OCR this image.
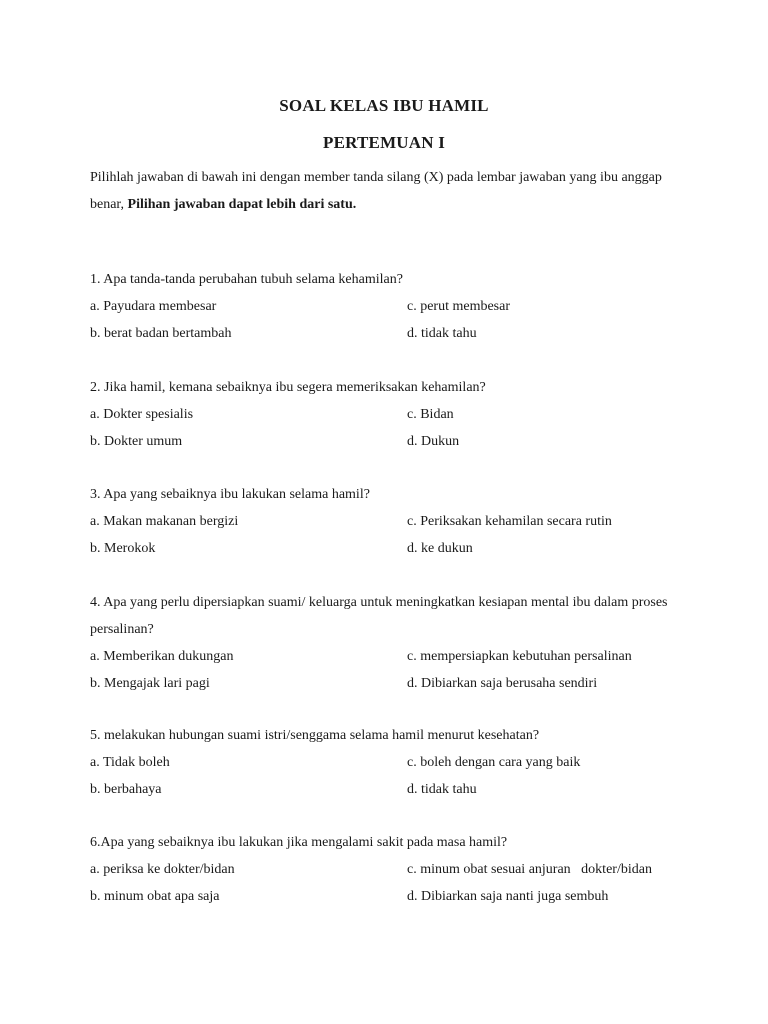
SOAL KELAS IBU HAMIL
PERTEMUAN I
Pilihlah jawaban di bawah ini dengan member tanda silang (X) pada lembar jawaban yang ibu anggap benar, Pilihan jawaban dapat lebih dari satu.
1. Apa tanda-tanda perubahan tubuh selama kehamilan?
a. Payudara membesar	c. perut membesar
b. berat badan bertambah	d. tidak tahu
2. Jika hamil, kemana sebaiknya ibu segera memeriksakan kehamilan?
a. Dokter spesialis	c. Bidan
b. Dokter umum	d. Dukun
3. Apa yang sebaiknya ibu lakukan selama hamil?
a. Makan makanan bergizi	c. Periksakan kehamilan secara rutin
b. Merokok	d. ke dukun
4. Apa yang perlu dipersiapkan suami/ keluarga untuk meningkatkan kesiapan mental ibu dalam proses persalinan?
a. Memberikan dukungan	c. mempersiapkan kebutuhan persalinan
b. Mengajak lari pagi	d. Dibiarkan saja berusaha sendiri
5. melakukan hubungan suami istri/senggama selama hamil menurut kesehatan?
a. Tidak boleh	c. boleh dengan cara yang baik
b. berbahaya	d. tidak tahu
6.Apa yang sebaiknya ibu lakukan jika mengalami sakit pada masa hamil?
a. periksa ke dokter/bidan	c. minum obat sesuai anjuran   dokter/bidan
b. minum obat apa saja	d. Dibiarkan saja nanti juga sembuh
